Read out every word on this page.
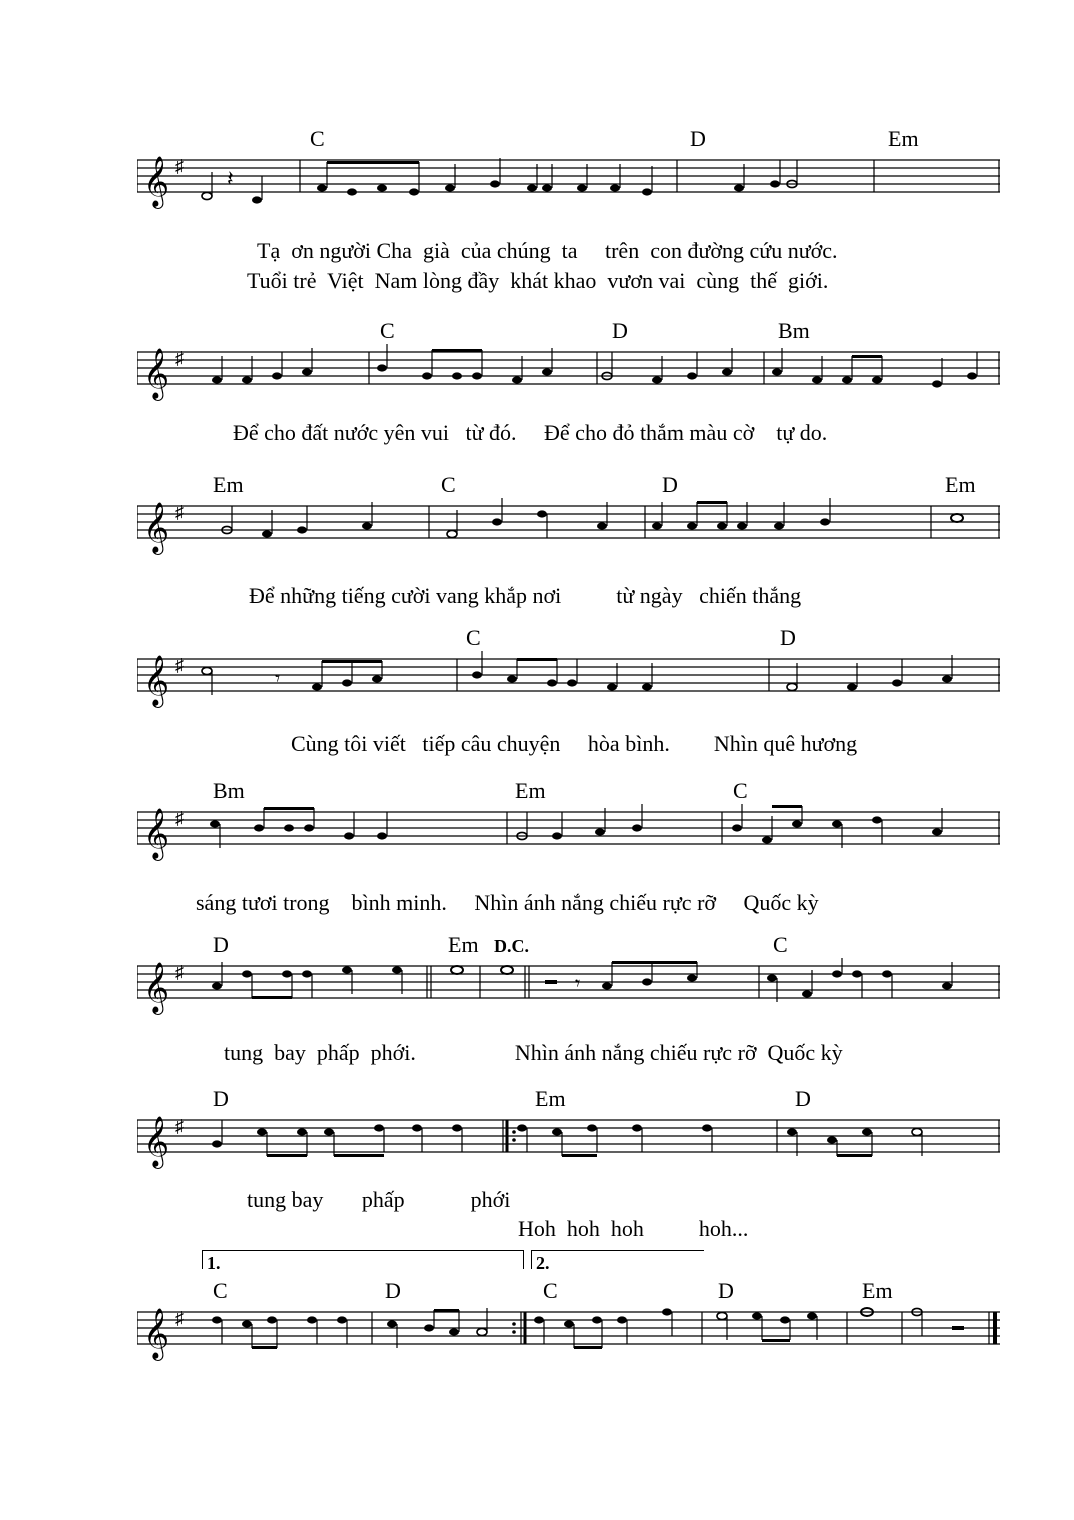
C	D	Em
𝄞 ♯ 𝄽
Tạ  ơn người Cha  già  của chúng  ta     trên  con đường cứu nước.
Tuổi trẻ  Việt  Nam lòng đầy  khát khao  vươn vai  cùng  thế  giới.
C	D	Bm
𝄞 ♯
Để cho đất nước yên vui   từ đó.     Để cho đỏ thắm màu cờ    tự do.
Em	C	D	Em
𝄞 ♯
Để những tiếng cười vang khắp nơi          từ ngày   chiến thắng
C	D
𝄞 ♯
𝄾
Cùng tôi viết   tiếp câu chuyện     hòa bình.        Nhìn quê hương
Bm	Em	C
𝄞 ♯
sáng tươi trong    bình minh.     Nhìn ánh nắng chiếu rực rỡ     Quốc kỳ
D	Em D.C.	C
𝄞 ♯
𝄾
tung  bay  phấp  phới.                  Nhìn ánh nắng chiếu rực rỡ  Quốc kỳ
D	Em	D
𝄞 ♯
tung bay       phấp            phới
Hoh  hoh  hoh          hoh...
1.	2.
C	D	C	D	Em
𝄞 ♯
